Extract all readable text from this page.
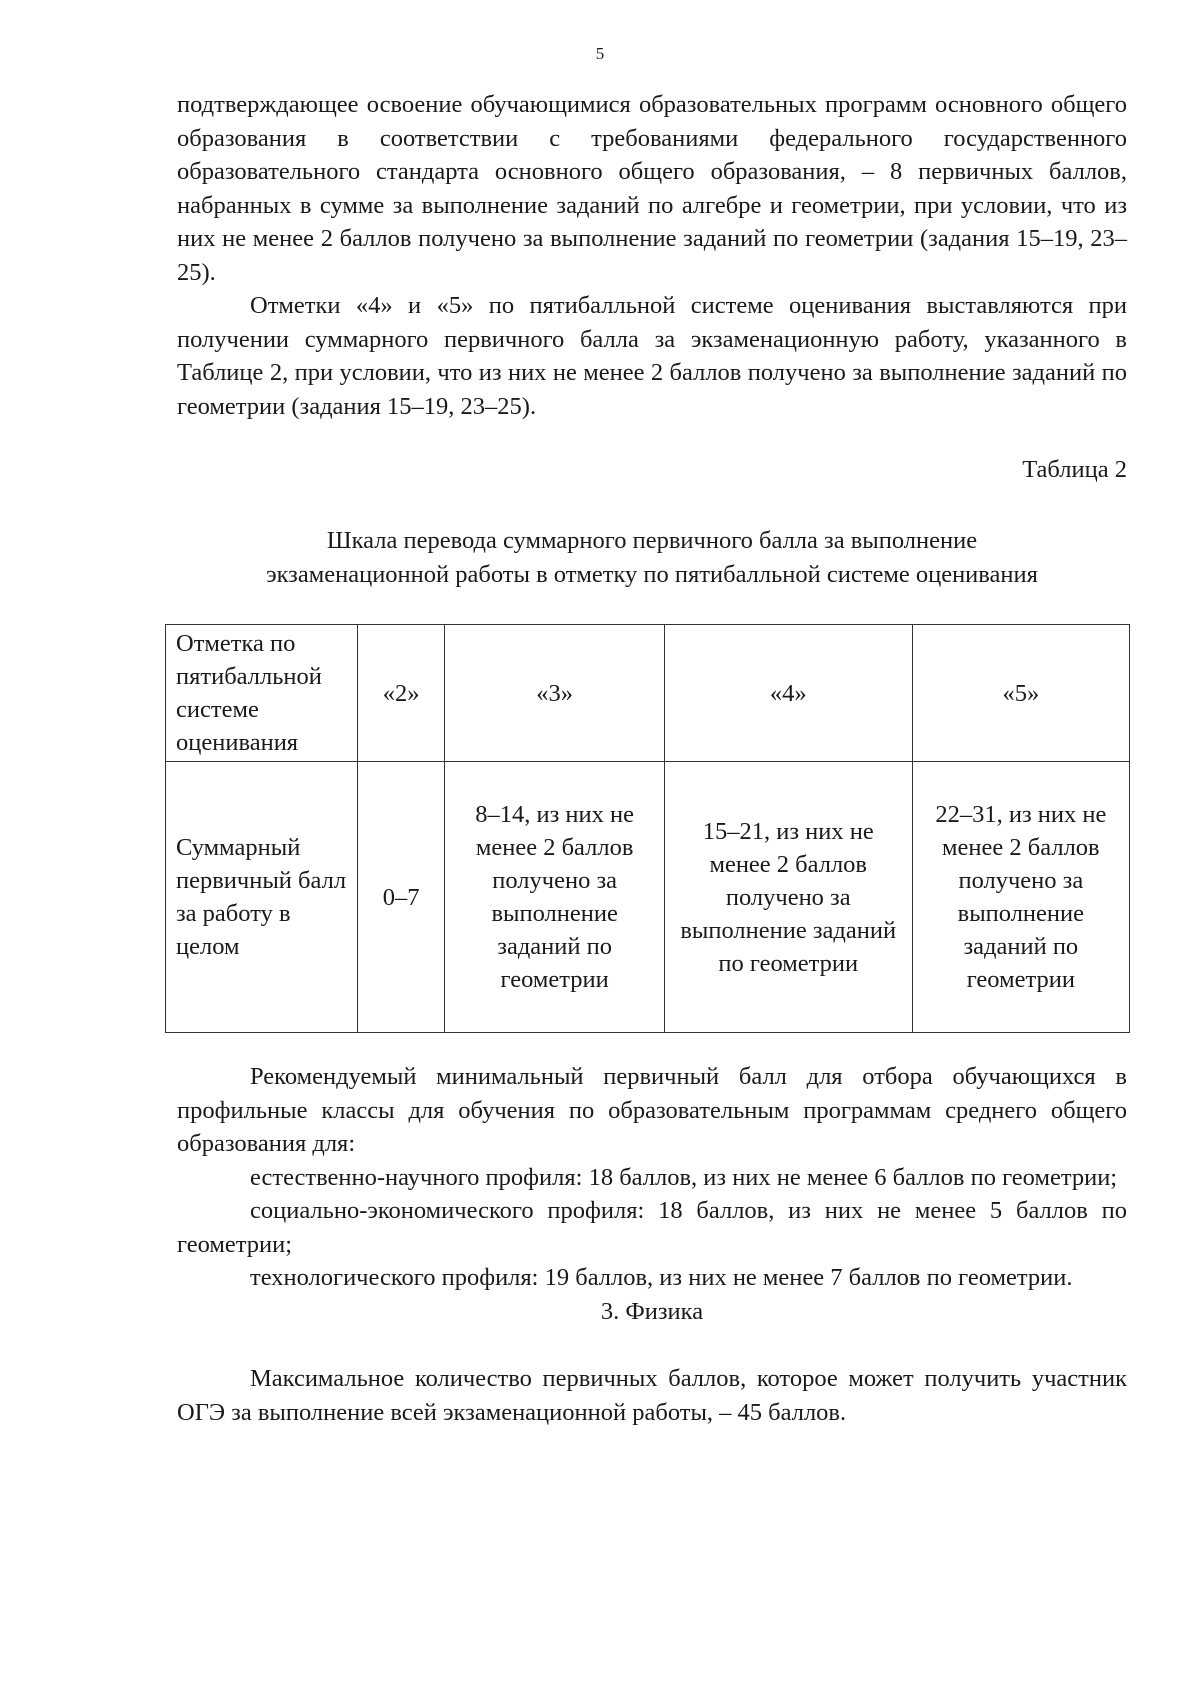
5

подтверждающее освоение обучающимися образовательных программ основного общего образования в соответствии с требованиями федерального государственного образовательного стандарта основного общего образования, – 8 первичных баллов, набранных в сумме за выполнение заданий по алгебре и геометрии, при условии, что из них не менее 2 баллов получено за выполнение заданий по геометрии (задания 15–19, 23–25).

Отметки «4» и «5» по пятибалльной системе оценивания выставляются при получении суммарного первичного балла за экзаменационную работу, указанного в Таблице 2, при условии, что из них не менее 2 баллов получено за выполнение заданий по геометрии (задания 15–19, 23–25).

Таблица 2
Шкала перевода суммарного первичного балла за выполнение
экзаменационной работы в отметку по пятибалльной системе оценивания
Отметка по пятибалльной системе оценивания	«2»	«3»	«4»	«5»
Суммарный первичный балл за работу в целом	0–7	8–14, из них не менее 2 баллов получено за выполнение заданий по геометрии	15–21, из них не менее 2 баллов получено за выполнение заданий по геометрии	22–31, из них не менее 2 баллов получено за выполнение заданий по геометрии

Рекомендуемый минимальный первичный балл для отбора обучающихся в профильные классы для обучения по образовательным программам среднего общего образования для:

естественно-научного профиля: 18 баллов, из них не менее 6 баллов по геометрии;

социально-экономического профиля: 18 баллов, из них не менее 5 баллов по геометрии;

технологического профиля: 19 баллов, из них не менее 7 баллов по геометрии.

3. Физика

Максимальное количество первичных баллов, которое может получить участник ОГЭ за выполнение всей экзаменационной работы, – 45 баллов.
